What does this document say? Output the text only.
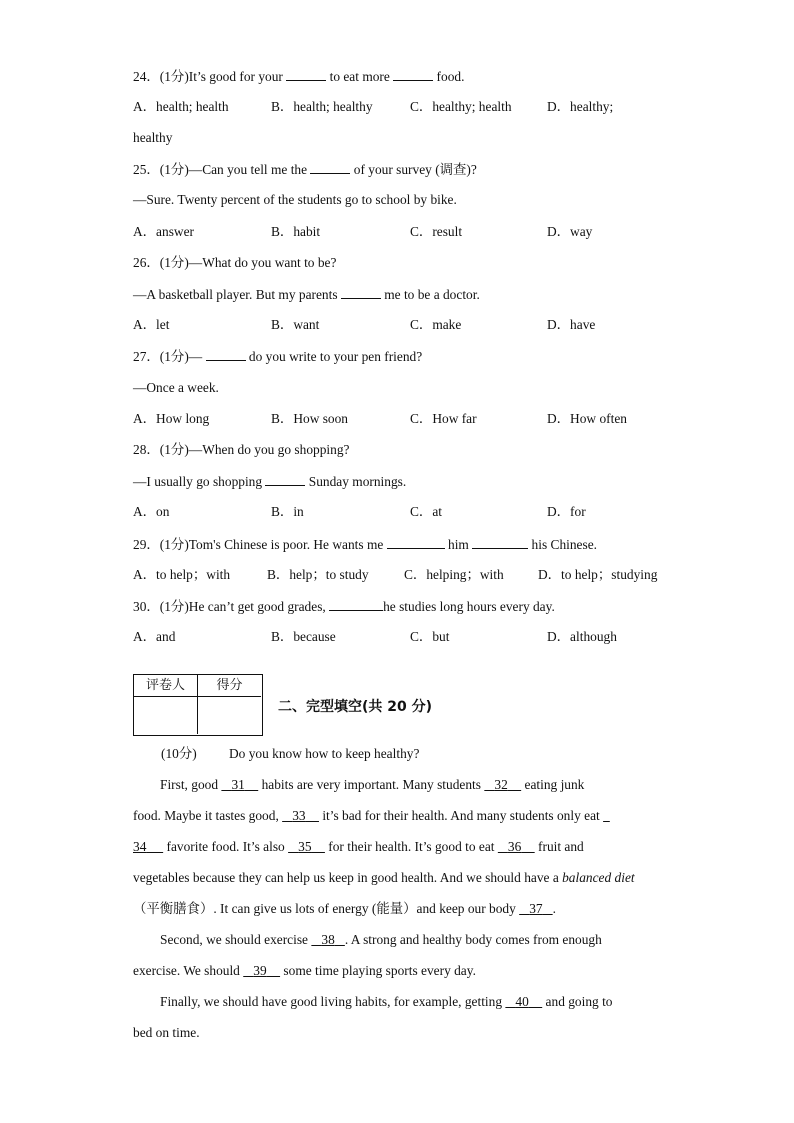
24．(1分)It’s good for your	to eat more	food.
A．health; health	B．health; healthy	C．healthy; health	D．healthy;
healthy
25．(1分)—Can you tell me the	of your survey (调查)?
—Sure. Twenty percent of the students go to school by bike.
A．answer	B．habit	C．result	D．way
26．(1分)—What do you want to be?
—A basketball player. But my parents	me to be a doctor.
A．let	B．want	C．make	D．have
27．(1分)—	do you write to your pen friend?
—Once a week.
A．How long	B．How soon	C．How far	D．How often
28．(1分)—When do you go shopping?
—I usually go shopping	Sunday mornings.
A．on	B．in	C．at	D．for
29．(1分)Tom's Chinese is poor. He wants me	him	his Chinese.
A．to help；with	B．help；to study	C．helping；with	D．to help；studying
30．(1分)He can’t get good grades,	he studies long hours every day.
A．and	B．because	C．but	D．although
评卷人	得分
二、完型填空(共 20 分)
(10分) Do you know how to keep healthy?
First, good    31     habits are very important. Many students    32     eating junk
food. Maybe it tastes good,    33     it’s bad for their health. And many students only eat
34      favorite food. It’s also    35     for their health. It’s good to eat    36     fruit and
vegetables because they can help us keep in good health. And we should have a balanced diet
（平衡膳食）. It can give us lots of energy (能量）and keep our body    37 .
Second, we should exercise    38 . A strong and healthy body comes from enough
exercise. We should    39     some time playing sports every day.
Finally, we should have good living habits, for example, getting    40     and going to
bed on time.
